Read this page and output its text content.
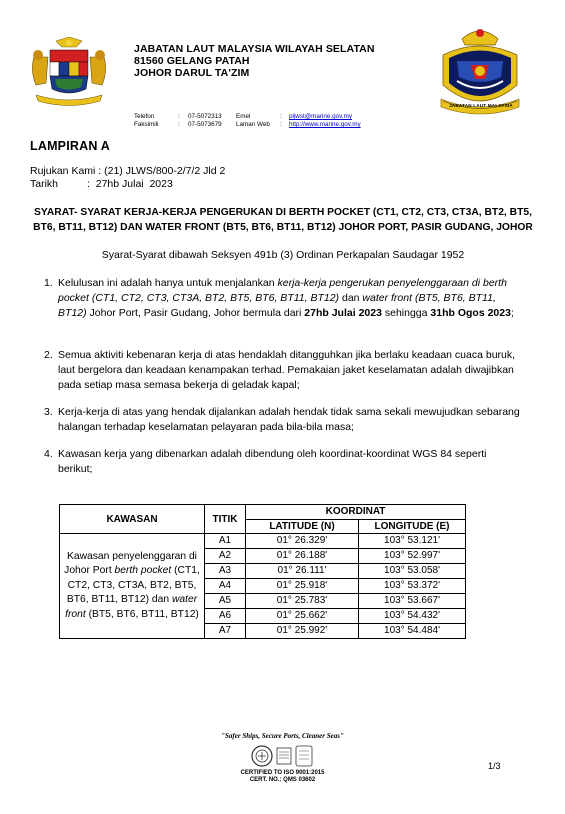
JABATAN LAUT MALAYSIA
JABATAN LAUT MALAYSIA WILAYAH SELATAN
81560 GELANG PATAH
JOHOR DARUL TA'ZIM
Telefon	: 07-5072313 Emel	: pljwst@marine.gov.my
Faksimili	: 07-5073679 Laman Web : http://www.marine.gov.my
LAMPIRAN A
Rujukan Kami : (21) JLWS/800-2/7/2 Jld 2
Tarikh	:  27hb Julai  2023
SYARAT- SYARAT KERJA-KERJA PENGERUKAN DI BERTH POCKET (CT1, CT2, CT3, CT3A, BT2, BT5, BT6, BT11, BT12) DAN WATER FRONT (BT5, BT6, BT11, BT12) JOHOR PORT, PASIR GUDANG, JOHOR
Syarat-Syarat dibawah Seksyen 491b (3) Ordinan Perkapalan Saudagar 1952
1. Kelulusan ini adalah hanya untuk menjalankan kerja-kerja pengerukan penyelenggaraan di berth pocket (CT1, CT2, CT3, CT3A, BT2, BT5, BT6, BT11, BT12) dan water front (BT5, BT6, BT11, BT12) Johor Port, Pasir Gudang, Johor bermula dari 27hb Julai 2023 sehingga 31hb Ogos 2023;
2. Semua aktiviti kebenaran kerja di atas hendaklah ditangguhkan jika berlaku keadaan cuaca buruk, laut bergelora dan keadaan kenampakan terhad. Pemakaian jaket keselamatan adalah diwajibkan pada setiap masa semasa bekerja di geladak kapal;
3. Kerja-kerja di atas yang hendak dijalankan adalah hendak tidak sama sekali mewujudkan sebarang halangan terhadap keselamatan pelayaran pada bila-bila masa;
4. Kawasan kerja yang dibenarkan adalah dibendung oleh koordinat-koordinat WGS 84 seperti berikut;
KAWASAN	TITIK	KOORDINAT	
		LATITUDE (N)	LONGITUDE (E)
Kawasan penyelenggaran di Johor Port berth pocket (CT1, CT2, CT3, CT3A, BT2, BT5, BT6, BT11, BT12) dan water front (BT5, BT6, BT11, BT12)	A1	01° 26.329'	103° 53.121'
	A2	01° 26.188'	103° 52.997'
	A3	01° 26.111'	103° 53.058'
	A4	01° 25.918'	103° 53.372'
	A5	01° 25.783'	103° 53.667'
	A6	01° 25.662'	103° 54.432'
	A7	01° 25.992'	103° 54.484'
"Safer Ships, Secure Ports, Cleaner Seas"
CERTIFIED TO ISO 9001:2015
CERT. NO.: QMS 03602
1/3
